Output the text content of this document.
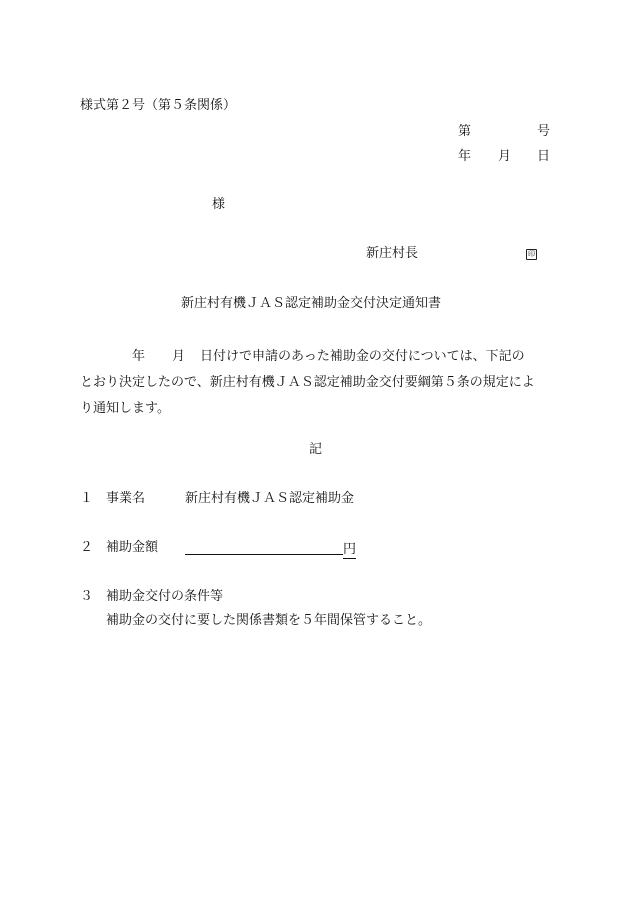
様式第２号（第５条関係）
第	号
年 月 日
様
新庄村長	印
新庄村有機ＪＡＳ認定補助金交付決定通知書
年 月 日付けで申請のあった補助金の交付については、下記の
とおり決定したので、新庄村有機ＪＡＳ認定補助金交付要綱第５条の規定によ
り通知します。
記
１ 事業名	新庄村有機ＪＡＳ認定補助金
２ 補助金額	円
３ 補助金交付の条件等
補助金の交付に要した関係書類を５年間保管すること。
